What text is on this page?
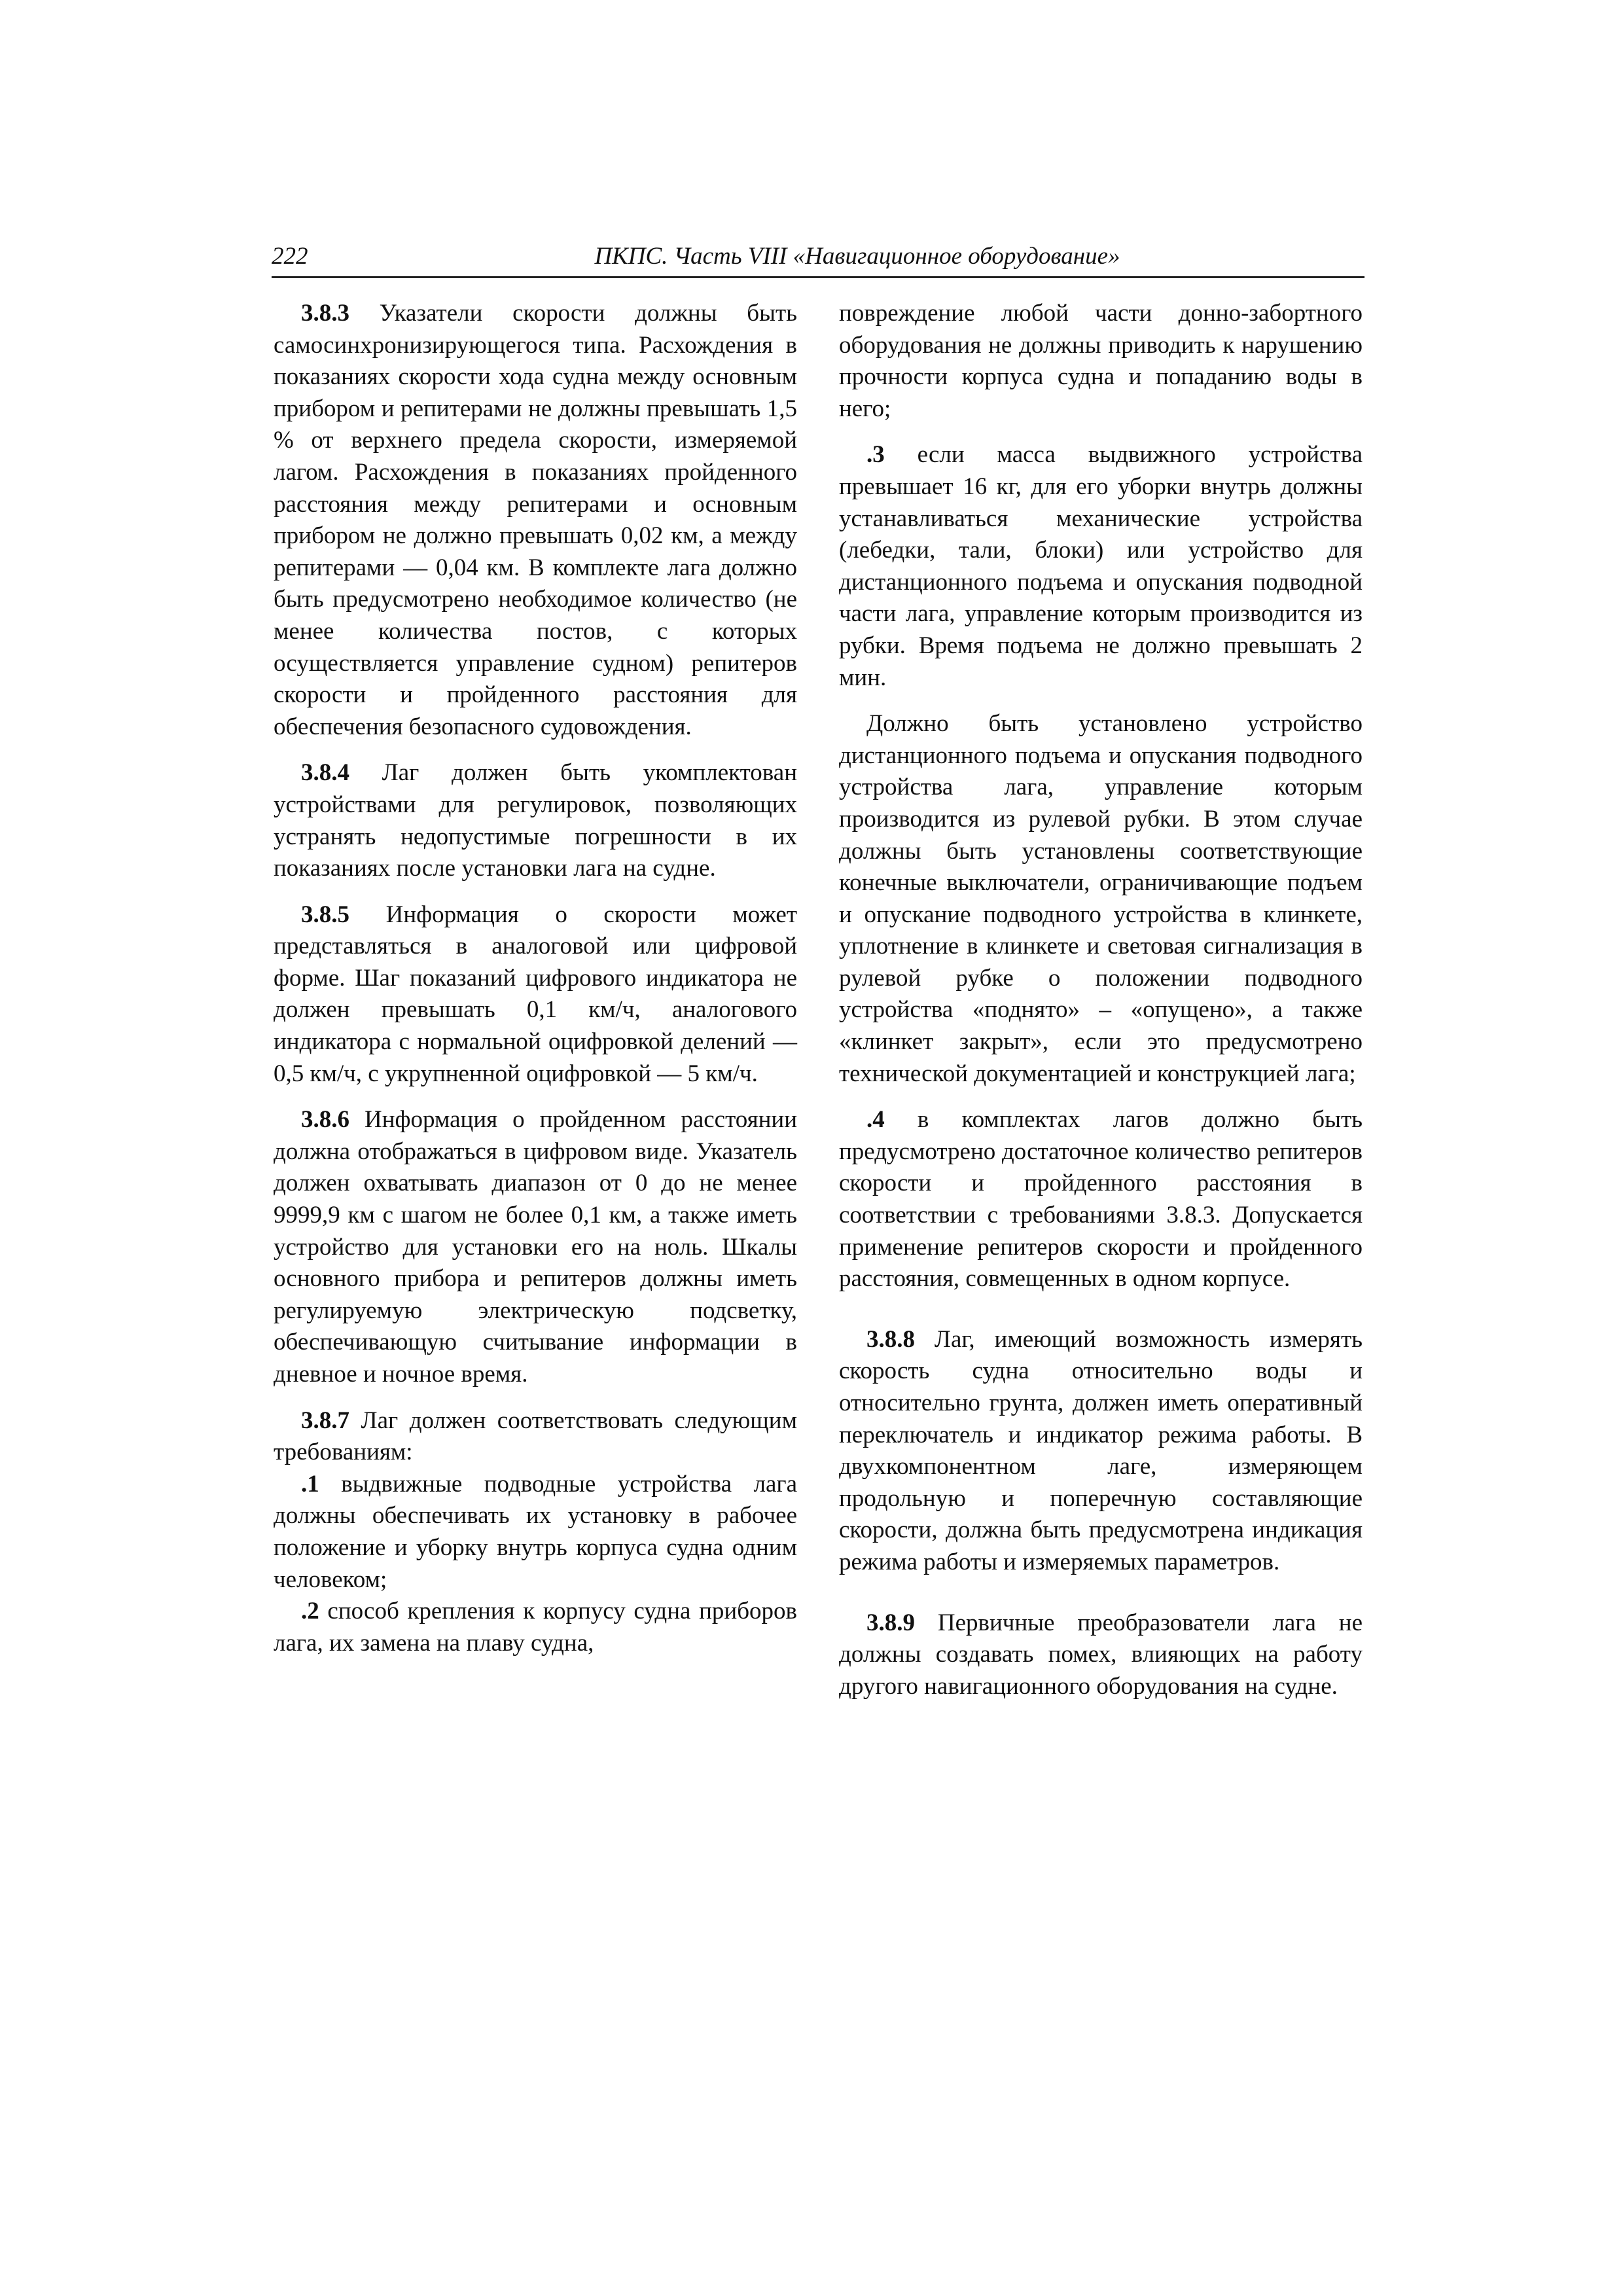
222	ПКПС. Часть VIII «Навигационное оборудование»

3.8.3 Указатели скорости должны быть самосинхронизирующегося типа. Расхождения в показаниях скорости хода судна между основным прибором и репитерами не должны превышать 1,5 % от верхнего предела скорости, измеряемой лагом. Расхождения в показаниях пройденного расстояния между репитерами и основным прибором не должно превышать 0,02 км, а между репитерами — 0,04 км. В комплекте лага должно быть предусмотрено необходимое количество (не менее количества постов, с которых осуществляется управление судном) репитеров скорости и пройденного расстояния для обеспечения безопасного судовождения.

3.8.4 Лаг должен быть укомплектован устройствами для регулировок, позволяющих устранять недопустимые погрешности в их показаниях после установки лага на судне.

3.8.5 Информация о скорости может представляться в аналоговой или цифровой форме. Шаг показаний цифрового индикатора не должен превышать 0,1 км/ч, аналогового индикатора с нормальной оцифровкой делений — 0,5 км/ч, с укрупненной оцифровкой — 5 км/ч.

3.8.6 Информация о пройденном расстоянии должна отображаться в цифровом виде. Указатель должен охватывать диапазон от 0 до не менее 9999,9 км с шагом не более 0,1 км, а также иметь устройство для установки его на ноль. Шкалы основного прибора и репитеров должны иметь регулируемую электрическую подсветку, обеспечивающую считывание информации в дневное и ночное время.

3.8.7 Лаг должен соответствовать следующим требованиям:

.1 выдвижные подводные устройства лага должны обеспечивать их установку в рабочее положение и уборку внутрь корпуса судна одним человеком;

.2 способ крепления к корпусу судна приборов лага, их замена на плаву судна,

повреждение любой части донно-забортного оборудования не должны приводить к нарушению прочности корпуса судна и попаданию воды в него;

.3 если масса выдвижного устройства превышает 16 кг, для его уборки внутрь должны устанавливаться механические устройства (лебедки, тали, блоки) или устройство для дистанционного подъема и опускания подводной части лага, управление которым производится из рубки. Время подъема не должно превышать 2 мин.

Должно быть установлено устройство дистанционного подъема и опускания подводного устройства лага, управление которым производится из рулевой рубки. В этом случае должны быть установлены соответствующие конечные выключатели, ограничивающие подъем и опускание подводного устройства в клинкете, уплотнение в клинкете и световая сигнализация в рулевой рубке о положении подводного устройства «поднято» – «опущено», а также «клинкет закрыт», если это предусмотрено технической документацией и конструкцией лага;

.4 в комплектах лагов должно быть предусмотрено достаточное количество репитеров скорости и пройденного расстояния в соответствии с требованиями 3.8.3. Допускается применение репитеров скорости и пройденного расстояния, совмещенных в одном корпусе.

3.8.8 Лаг, имеющий возможность измерять скорость судна относительно воды и относительно грунта, должен иметь оперативный переключатель и индикатор режима работы. В двухкомпонентном лаге, измеряющем продольную и поперечную составляющие скорости, должна быть предусмотрена индикация режима работы и измеряемых параметров.

3.8.9 Первичные преобразователи лага не должны создавать помех, влияющих на работу другого навигационного оборудования на судне.
